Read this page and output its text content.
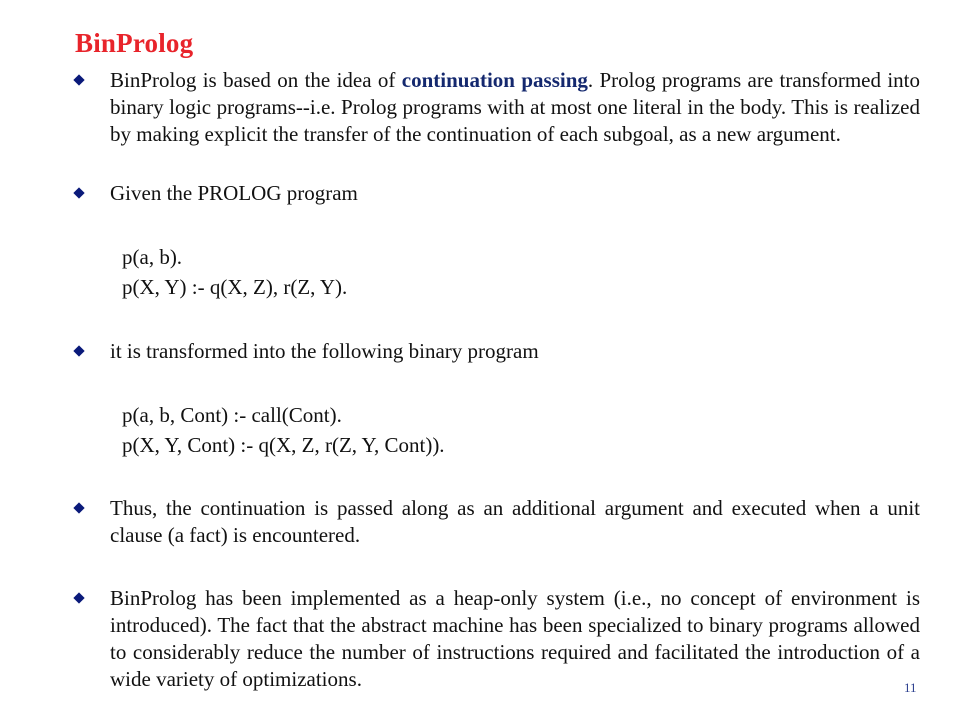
BinProlog
BinProlog is based on the idea of continuation passing. Prolog programs are transformed into binary logic programs--i.e. Prolog programs with at most one literal in the body. This is realized by making explicit the transfer of the continuation of each subgoal, as a new argument.
Given the PROLOG program
p(a, b).
p(X, Y) :- q(X, Z), r(Z, Y).
it is transformed into the following binary program
p(a, b, Cont) :- call(Cont).
p(X, Y, Cont) :- q(X, Z, r(Z, Y, Cont)).
Thus, the continuation is passed along as an additional argument and executed when a unit clause (a fact) is encountered.
BinProlog has been implemented as a heap-only system (i.e., no concept of environment is introduced). The fact that the abstract machine has been specialized to binary programs allowed to considerably reduce the number of instructions required and facilitated the introduction of a wide variety of optimizations.	11
